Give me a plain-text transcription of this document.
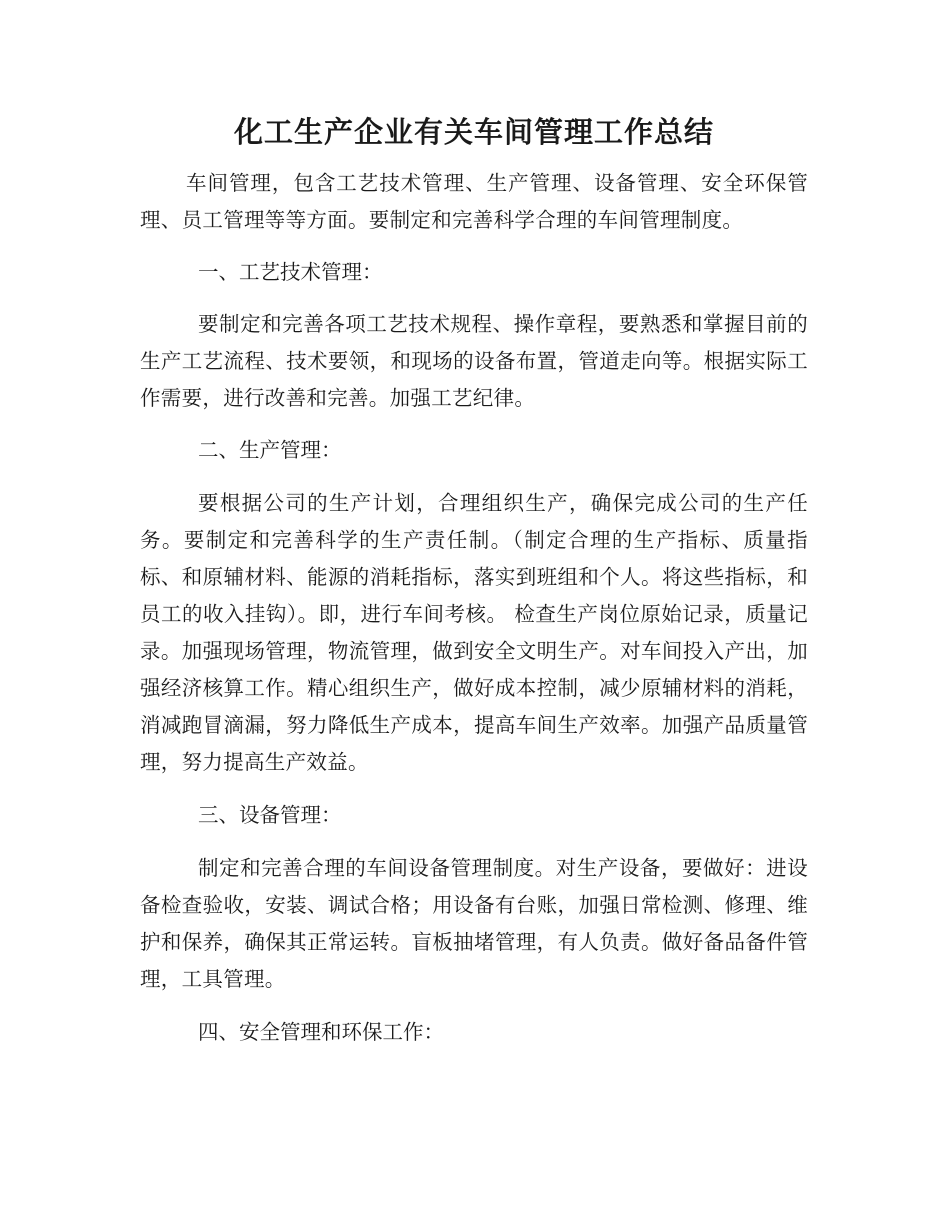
化工生产企业有关车间管理工作总结

车间管理，包含工艺技术管理、生产管理、设备管理、安全环保管理、员工管理等等方面。要制定和完善科学合理的车间管理制度。

一、工艺技术管理：

要制定和完善各项工艺技术规程、操作章程，要熟悉和掌握目前的生产工艺流程、技术要领，和现场的设备布置，管道走向等。根据实际工作需要，进行改善和完善。加强工艺纪律。

二、生产管理：

要根据公司的生产计划，合理组织生产，确保完成公司的生产任务。要制定和完善科学的生产责任制。（制定合理的生产指标、质量指标、和原辅材料、能源的消耗指标，落实到班组和个人。将这些指标，和员工的收入挂钩）。即，进行车间考核。 检查生产岗位原始记录，质量记录。加强现场管理，物流管理，做到安全文明生产。对车间投入产出，加强经济核算工作。精心组织生产，做好成本控制，减少原辅材料的消耗，消减跑冒滴漏，努力降低生产成本，提高车间生产效率。加强产品质量管理，努力提高生产效益。

三、设备管理：

制定和完善合理的车间设备管理制度。对生产设备，要做好：进设备检查验收，安装、调试合格；用设备有台账，加强日常检测、修理、维护和保养，确保其正常运转。盲板抽堵管理，有人负责。做好备品备件管理，工具管理。

四、安全管理和环保工作：
